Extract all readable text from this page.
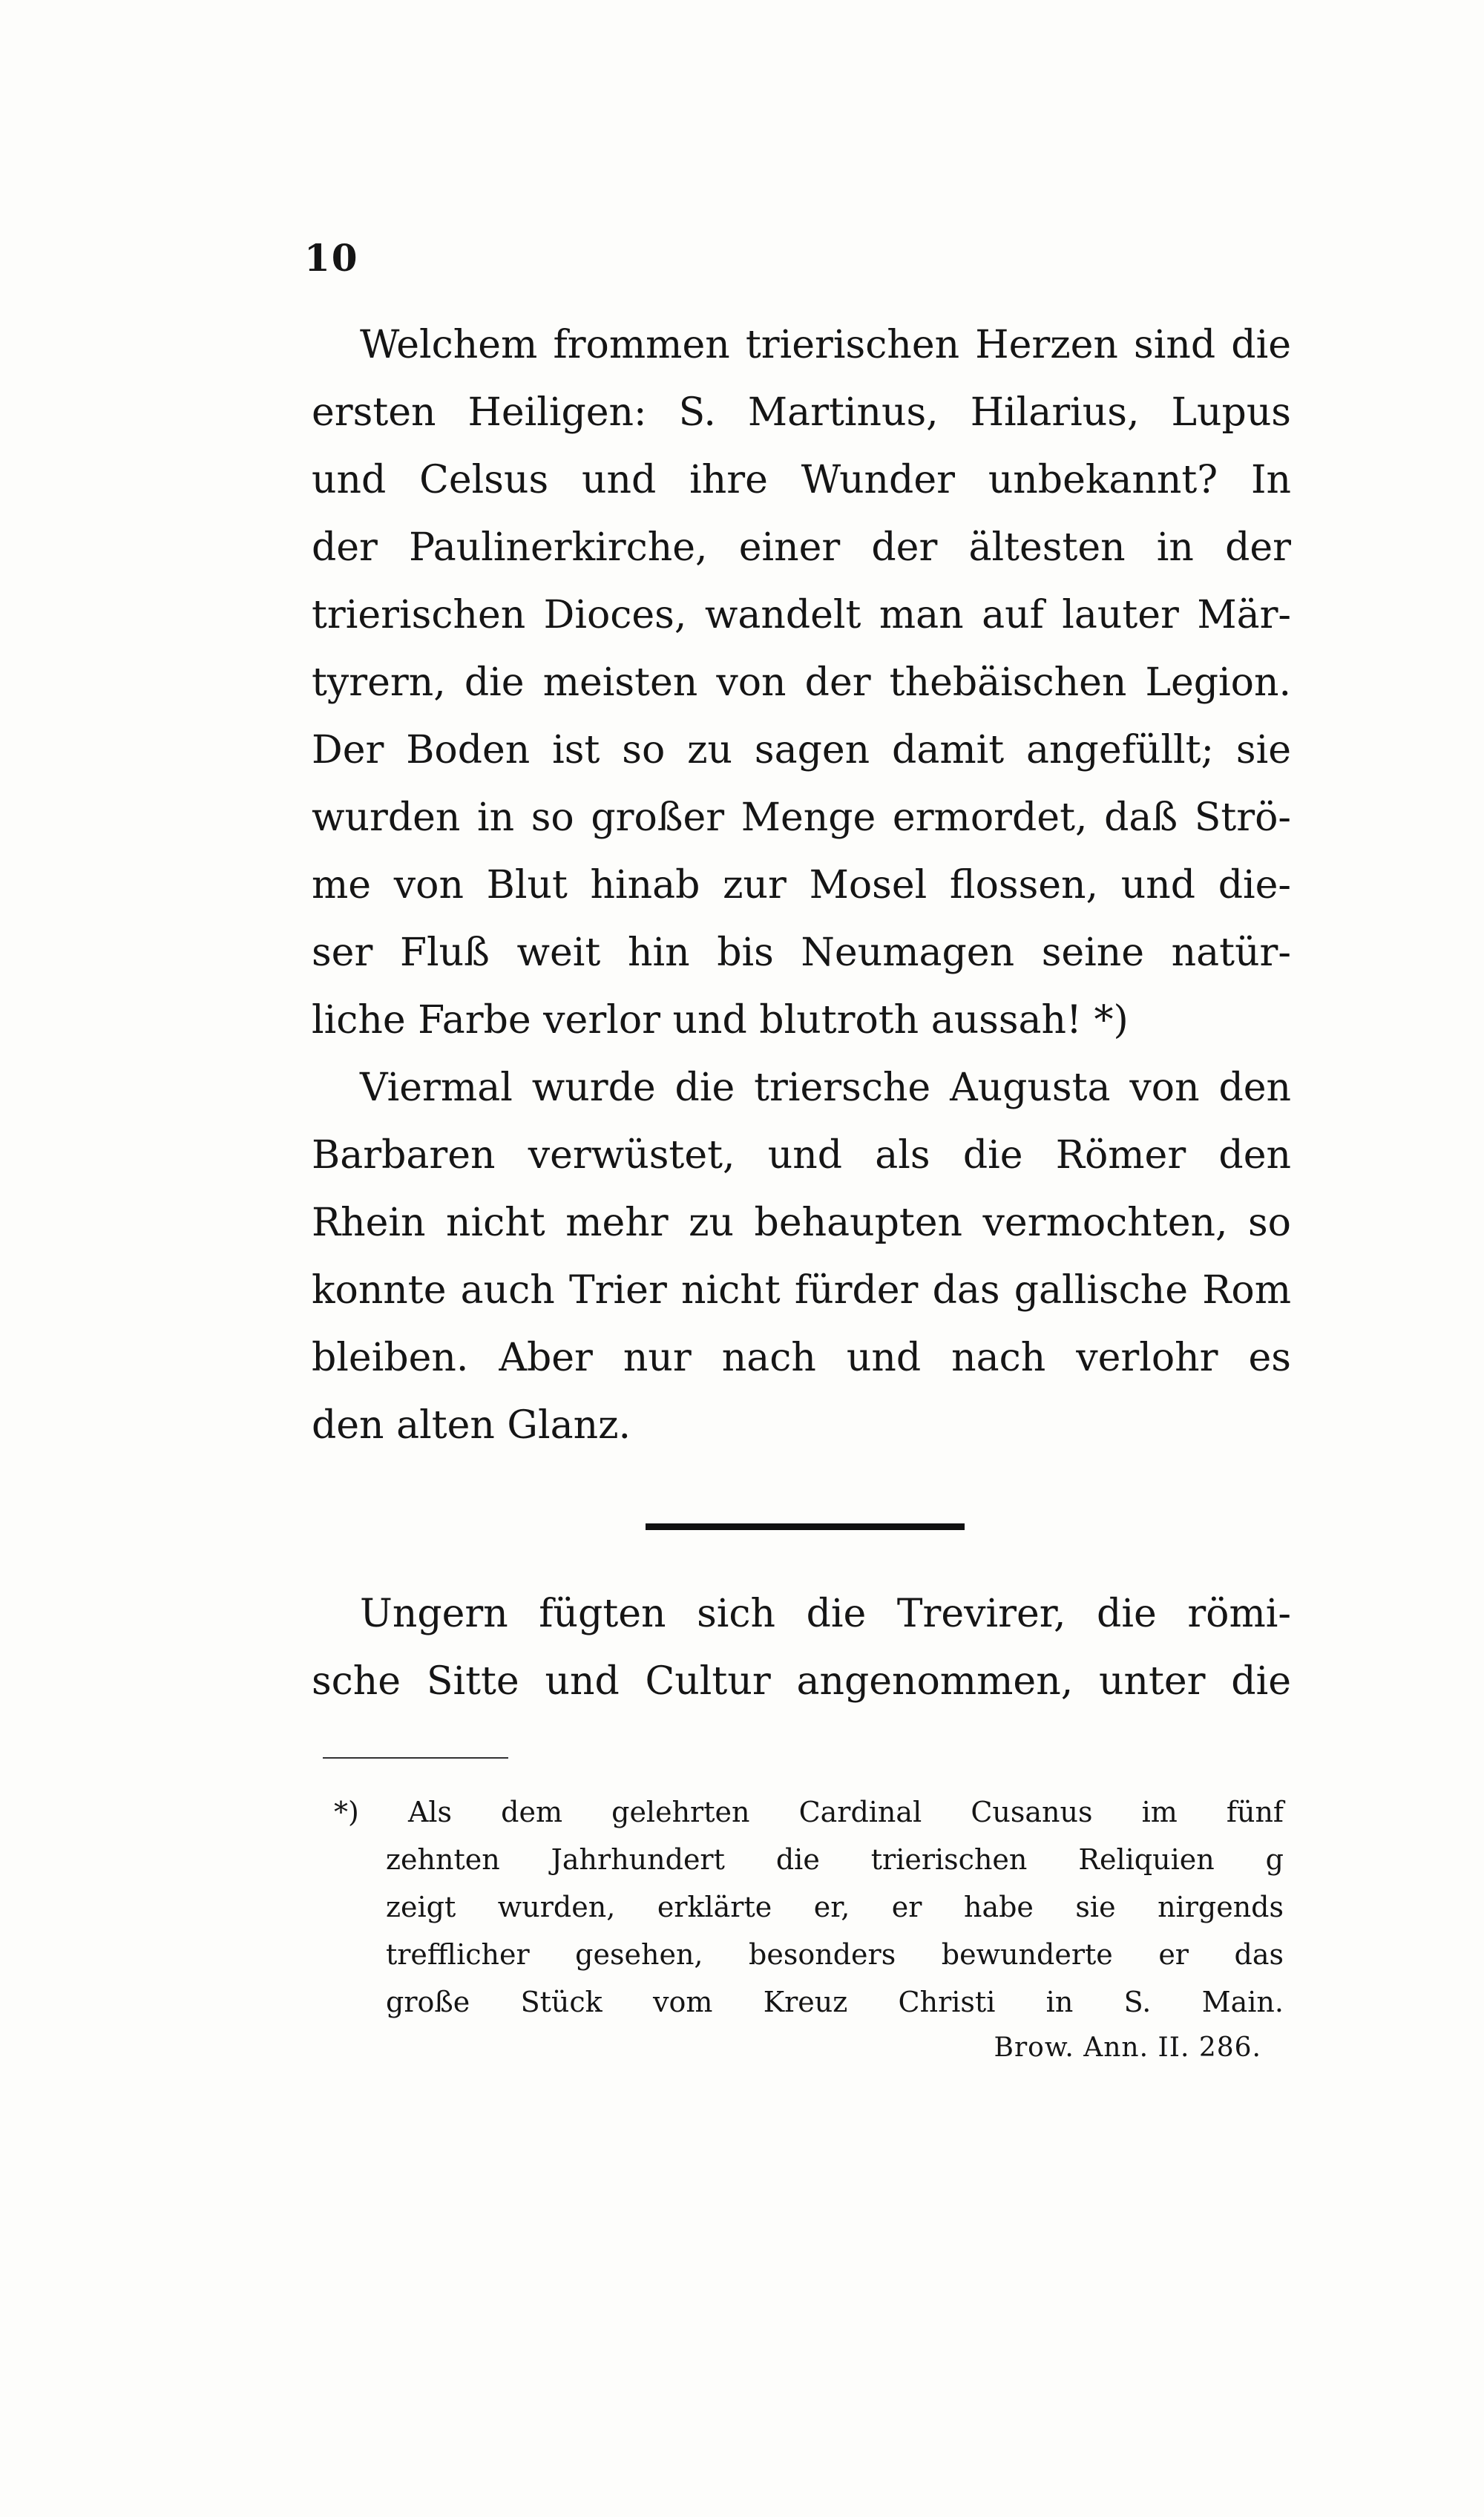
10
Welchem frommen trierischen Herzen sind die
ersten Heiligen: S. Martinus, Hilarius, Lupus
und Celsus und ihre Wunder unbekannt? In
der Paulinerkirche, einer der ältesten in der
trierischen Dioces, wandelt man auf lauter Mär-
tyrern, die meisten von der thebäischen Legion.
Der Boden ist so zu sagen damit angefüllt; sie
wurden in so großer Menge ermordet, daß Strö-
me von Blut hinab zur Mosel flossen, und die-
ser Fluß weit hin bis Neumagen seine natür-
liche Farbe verlor und blutroth aussah! *)
Viermal wurde die triersche Augusta von den
Barbaren verwüstet, und als die Römer den
Rhein nicht mehr zu behaupten vermochten, so
konnte auch Trier nicht fürder das gallische Rom
bleiben. Aber nur nach und nach verlohr es
den alten Glanz.
Ungern fügten sich die Trevirer, die römi-
sche Sitte und Cultur angenommen, unter die
*) Als dem gelehrten Cardinal Cusanus im fünf
zehnten Jahrhundert die trierischen Reliquien g
zeigt wurden, erklärte er, er habe sie nirgends
trefflicher gesehen, besonders bewunderte er das
große Stück vom Kreuz Christi in S. Main.
Brow. Ann. II. 286.
